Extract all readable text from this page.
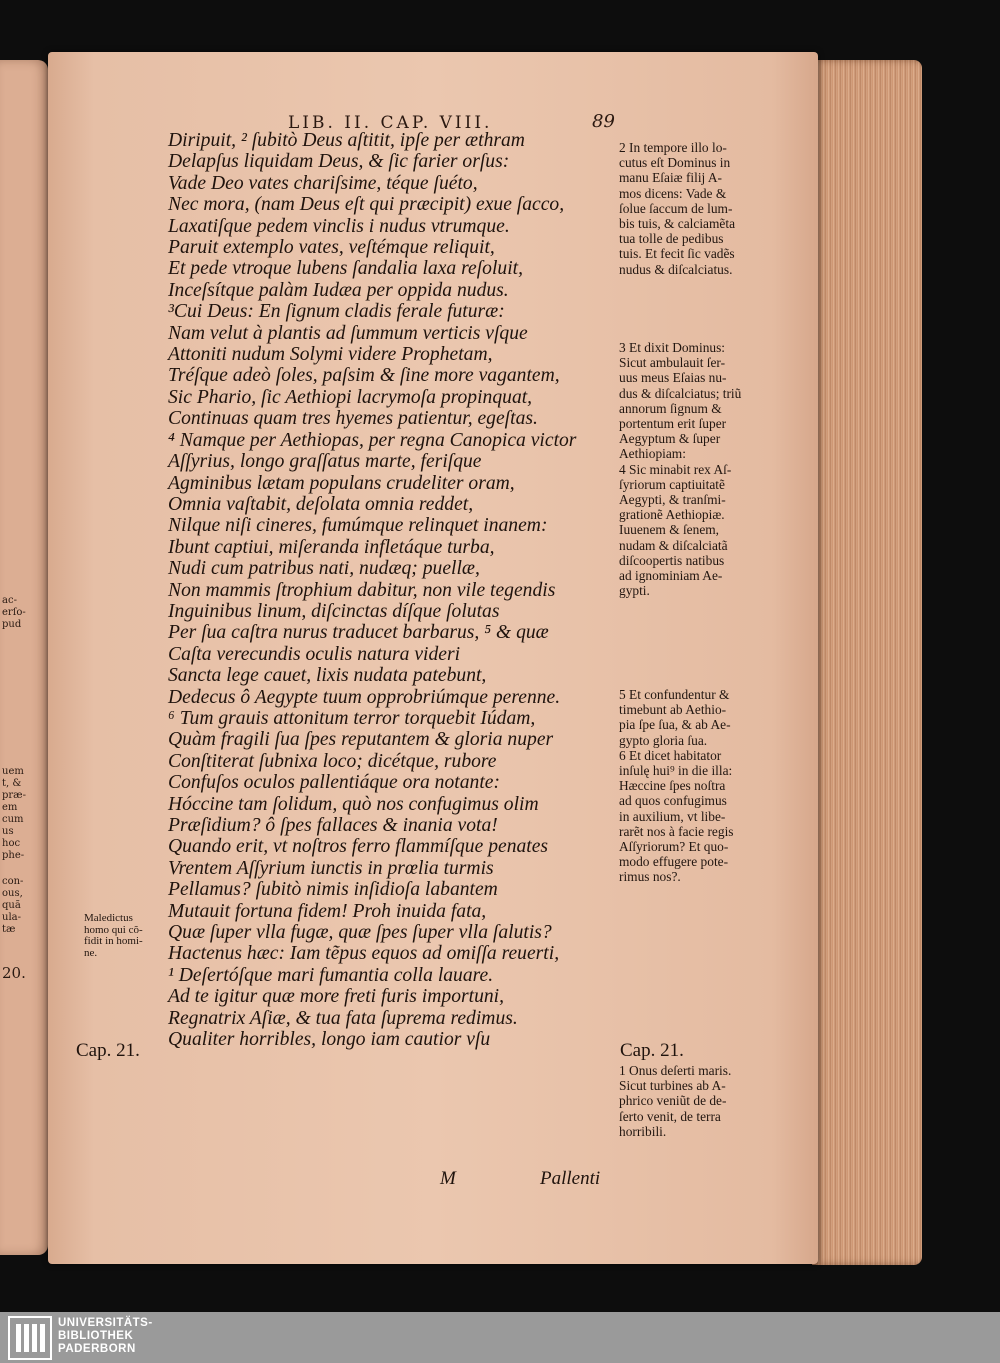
ac-
erſo-
pud
uem
t, &
præ-
em
cum
us
hoc
phe-
con-
ous,
quã
ula-
tæ
20.
LIB. II. CAP. VIII.	89
Diripuit, ² ſubitò Deus aſtitit, ipſe per æthram
Delapſus liquidam Deus, & ſic farier orſus:
Vade Deo vates chariſsime, téque ſuéto,
Nec mora, (nam Deus eſt qui præcipit) exue ſacco,
Laxatiſque pedem vinclis i nudus vtrumque.
Paruit extemplo vates, veſtémque reliquit,
Et pede vtroque lubens ſandalia laxa reſoluit,
Inceſsítque palàm Iudæa per oppida nudus.
³Cui Deus: En ſignum cladis ferale futuræ:
Nam velut à plantis ad ſummum verticis vſque
Attoniti nudum Solymi videre Prophetam,
Tréſque adeò ſoles, paſsim & ſine more vagantem,
Sic Phario, ſic Aethiopi lacrymoſa propinquat,
Continuas quam tres hyemes patientur, egeſtas.
⁴ Namque per Aethiopas, per regna Canopica victor
Aſſyrius, longo graſſatus marte, feriſque
Agminibus lætam populans crudeliter oram,
Omnia vaſtabit, deſolata omnia reddet,
Nilque niſi cineres, fumúmque relinquet inanem:
Ibunt captiui, miſeranda infletáque turba,
Nudi cum patribus nati, nudæq; puellæ,
Non mammis ſtrophium dabitur, non vile tegendis
Inguinibus linum, diſcinctas díſque ſolutas
Per ſua caſtra nurus traducet barbarus, ⁵ & quæ
Caſta verecundis oculis natura videri
Sancta lege cauet, lixis nudata patebunt,
Dedecus ô Aegypte tuum opprobriúmque perenne.
⁶ Tum grauis attonitum terror torquebit Iúdam,
Quàm fragili ſua ſpes reputantem & gloria nuper
Conſtiterat ſubnixa loco; dicétque, rubore
Confuſos oculos pallentiáque ora notante:
Hóccine tam ſolidum, quò nos confugimus olim
Præſidium? ô ſpes fallaces & inania vota!
Quando erit, vt noſtros ferro flammíſque penates
Vrentem Aſſyrium iunctis in prœlia turmis
Pellamus? ſubitò nimis inſidioſa labantem
Mutauit fortuna fidem! Proh inuida fata,
Quæ ſuper vlla fugæ, quæ ſpes ſuper vlla ſalutis?
Hactenus hæc: Iam tẽpus equos ad omiſſa reuerti,
¹ Deſertóſque mari fumantia colla lauare.
Ad te igitur quæ more freti furis importuni,
Regnatrix Aſiæ, & tua fata ſuprema redimus.
Qualiter horribles, longo iam cautior vſu
2 In tempore illo lo-
cutus eſt Dominus in
manu Eſaiæ filij A-
mos dicens: Vade &
ſolue ſaccum de lum-
bis tuis, & calciamẽta
tua tolle de pedibus
tuis. Et fecit ſic vadẽs
nudus & diſcalciatus.
3 Et dixit Dominus:
Sicut ambulauit ſer-
uus meus Eſaias nu-
dus & diſcalciatus; triũ
annorum ſignum &
portentum erit ſuper
Aegyptum & ſuper
Aethiopiam:
4 Sic minabit rex Aſ-
ſyriorum captiuitatẽ
Aegypti, & tranſmi-
grationẽ Aethiopiæ.
Iuuenem & ſenem,
nudam & diſcalciatã
diſcoopertis natibus
ad ignominiam Ae-
gypti.
5 Et confundentur &
timebunt ab Aethio-
pia ſpe ſua, & ab Ae-
gypto gloria ſua.
6 Et dicet habitator
inſulę hui⁹ in die illa:
Hæccine ſpes noſtra
ad quos confugimus
in auxilium, vt libe-
rarẽt nos à facie regis
Aſſyriorum? Et quo-
modo effugere pote-
rimus nos?.
1 Onus deſerti maris.
Sicut turbines ab A-
phrico veniũt de de-
ſerto venit, de terra
horribili.
Cap. 21.	Cap. 21.
Maledictus
homo qui cõ-
fidit in homi-
ne.
M	Pallenti
UNIVERSITÄTS-
BIBLIOTHEK
PADERBORN
